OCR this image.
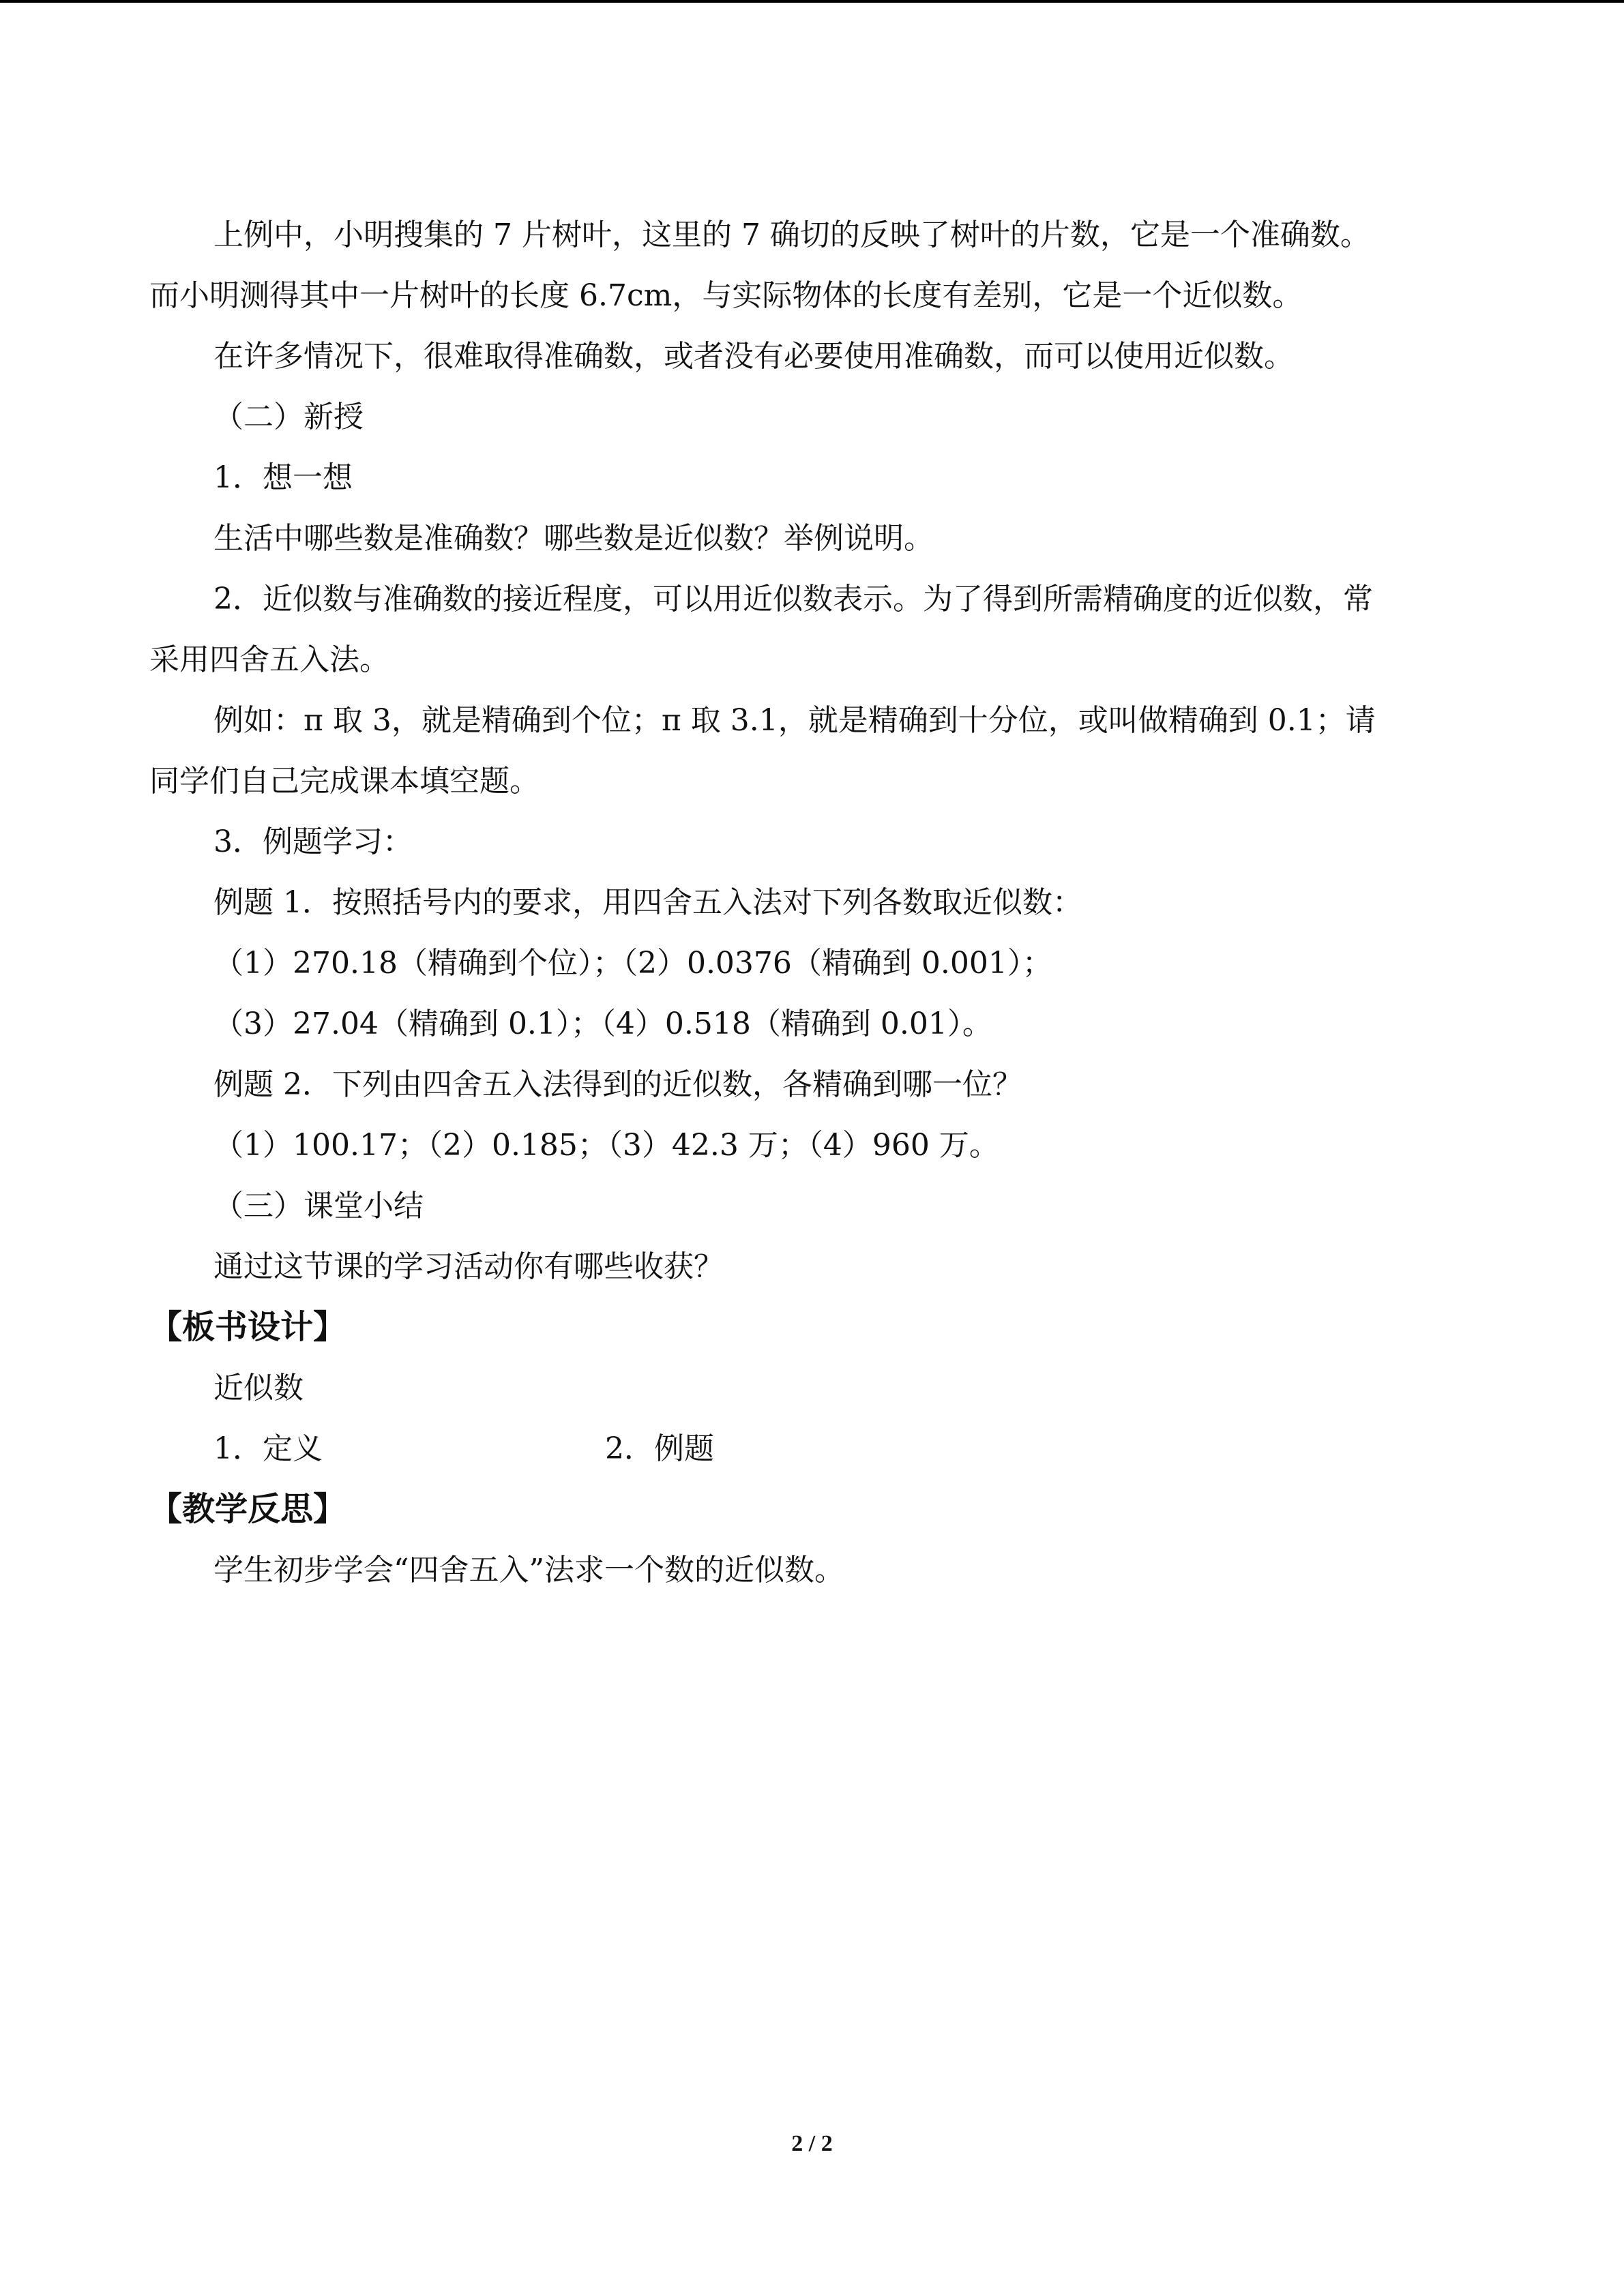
上例中，小明搜集的 7 片树叶，这里的 7 确切的反映了树叶的片数，它是一个准确数。

而小明测得其中一片树叶的长度 6.7cm，与实际物体的长度有差别，它是一个近似数。

在许多情况下，很难取得准确数，或者没有必要使用准确数，而可以使用近似数。

（二）新授

1．想一想

生活中哪些数是准确数？哪些数是近似数？举例说明。

2．近似数与准确数的接近程度，可以用近似数表示。为了得到所需精确度的近似数，常

采用四舍五入法。

例如：π 取 3，就是精确到个位；π 取 3.1，就是精确到十分位，或叫做精确到 0.1；请

同学们自己完成课本填空题。

3．例题学习：

例题 1．按照括号内的要求，用四舍五入法对下列各数取近似数：

（1）270.18（精确到个位）；（2）0.0376（精确到 0.001）；

（3）27.04（精确到 0.1）；（4）0.518（精确到 0.01）。

例题 2．下列由四舍五入法得到的近似数，各精确到哪一位？

（1）100.17；（2）0.185；（3）42.3 万；（4）960 万。

（三）课堂小结

通过这节课的学习活动你有哪些收获？

【板书设计】

近似数

1．定义	2．例题

【教学反思】

学生初步学会“四舍五入”法求一个数的近似数。

2 / 2
